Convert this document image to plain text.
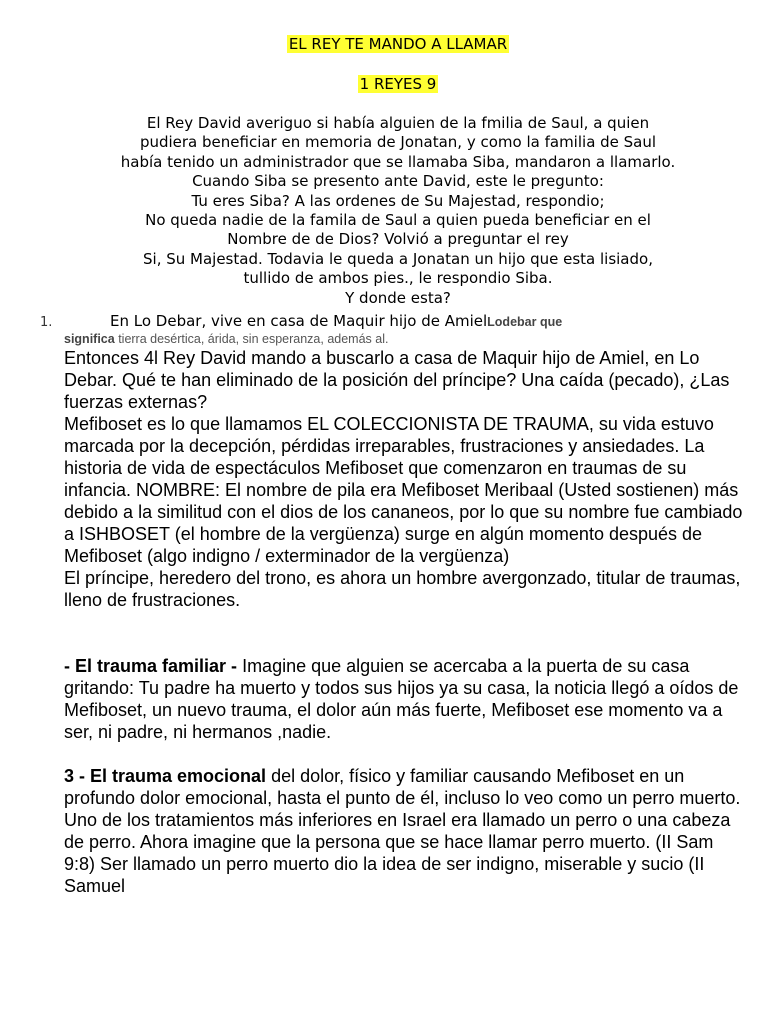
EL REY TE MANDO A LLAMAR
1 REYES 9

El Rey David averiguo si había alguien de la fmilia de Saul, a quien

pudiera beneficiar en memoria de Jonatan, y como la familia de Saul

había tenido un administrador que se llamaba Siba, mandaron a llamarlo.

Cuando Siba se presento ante David, este le pregunto:

Tu eres Siba? A las ordenes de Su Majestad, respondio;

No queda nadie de la famila de Saul a quien pueda beneficiar en el

Nombre de de Dios? Volvió a preguntar el rey

Si, Su Majestad. Todavia le queda a Jonatan un hijo que esta lisiado,

tullido de ambos pies., le respondio Siba.

Y donde esta?

1.	En Lo Debar, vive en casa de Maquir hijo de AmielLodebar que
significa tierra desértica, árida, sin esperanza, además al.

Entonces 4l Rey David mando a buscarlo a casa de Maquir hijo de Amiel, en Lo Debar. Qué te han eliminado de la posición del príncipe? Una caída (pecado), ¿Las fuerzas externas?

Mefiboset es lo que llamamos EL COLECCIONISTA DE TRAUMA, su vida estuvo marcada por la decepción, pérdidas irreparables, frustraciones y ansiedades. La historia de vida de espectáculos Mefiboset que comenzaron en traumas de su infancia. NOMBRE: El nombre de pila era Mefiboset Meribaal (Usted sostienen) más debido a la similitud con el dios de los cananeos, por lo que su nombre fue cambiado a ISHBOSET (el hombre de la vergüenza) surge en algún momento después de Mefiboset (algo indigno / exterminador de la vergüenza)

El príncipe, heredero del trono, es ahora un hombre avergonzado, titular de traumas, lleno de frustraciones.

- El trauma familiar - Imagine que alguien se acercaba a la puerta de su casa gritando: Tu padre ha muerto y todos sus hijos ya su casa, la noticia llegó a oídos de Mefiboset, un nuevo trauma, el dolor aún más fuerte, Mefiboset ese momento va a ser, ni padre, ni hermanos ,nadie.

3 - El trauma emocional del dolor, físico y familiar causando Mefiboset en un profundo dolor emocional, hasta el punto de él, incluso lo veo como un perro muerto. Uno de los tratamientos más inferiores en Israel era llamado un perro o una cabeza de perro. Ahora imagine que la persona que se hace llamar perro muerto. (II Sam 9:8) Ser llamado un perro muerto dio la idea de ser indigno, miserable y sucio (II Samuel
